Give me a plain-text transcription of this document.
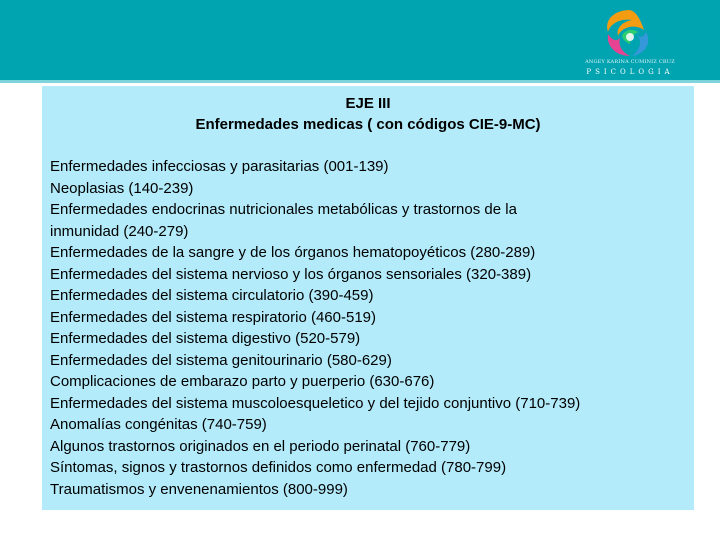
ANGEY KARINA CUMINIZ CRUZ
PSICOLOGIA
EJE III
Enfermedades medicas ( con códigos CIE-9-MC)
Enfermedades infecciosas y parasitarias (001-139)
Neoplasias (140-239)
Enfermedades endocrinas nutricionales metabólicas y trastornos de la
inmunidad (240-279)
Enfermedades de la sangre y de los órganos hematopoyéticos (280-289)
Enfermedades del sistema nervioso y los órganos sensoriales (320-389)
Enfermedades del sistema circulatorio (390-459)
Enfermedades del sistema respiratorio (460-519)
Enfermedades del sistema digestivo (520-579)
Enfermedades del sistema genitourinario (580-629)
Complicaciones de embarazo parto y puerperio (630-676)
Enfermedades del sistema muscoloesqueletico y del tejido conjuntivo (710-739)
Anomalías congénitas (740-759)
Algunos trastornos originados en el periodo perinatal (760-779)
Síntomas, signos y trastornos definidos como enfermedad (780-799)
Traumatismos y envenenamientos (800-999)
